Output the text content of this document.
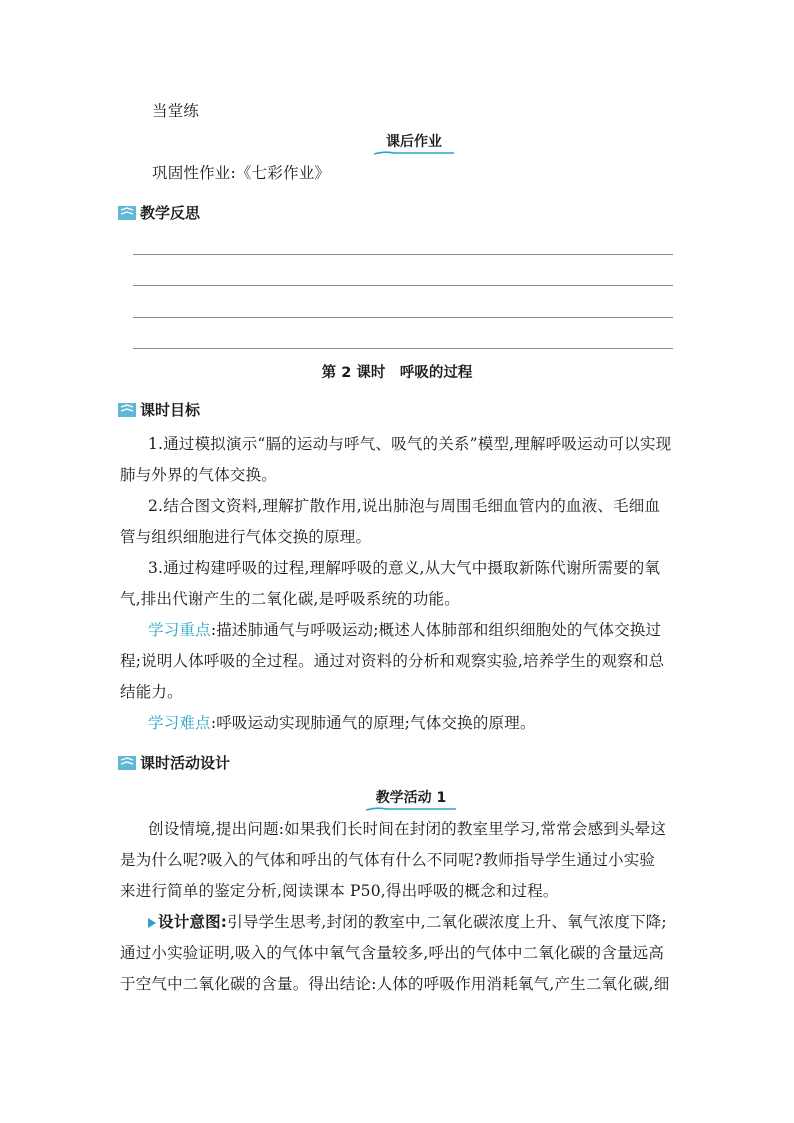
当堂练
课后作业
巩固性作业:《七彩作业》
教学反思
第 2 课时　呼吸的过程
课时目标
1.通过模拟演示“膈的运动与呼气、吸气的关系”模型,理解呼吸运动可以实现
肺与外界的气体交换。
2.结合图文资料,理解扩散作用,说出肺泡与周围毛细血管内的血液、毛细血
管与组织细胞进行气体交换的原理。
3.通过构建呼吸的过程,理解呼吸的意义,从大气中摄取新陈代谢所需要的氧
气,排出代谢产生的二氧化碳,是呼吸系统的功能。
学习重点:描述肺通气与呼吸运动;概述人体肺部和组织细胞处的气体交换过
程;说明人体呼吸的全过程。通过对资料的分析和观察实验,培养学生的观察和总
结能力。
学习难点:呼吸运动实现肺通气的原理;气体交换的原理。
课时活动设计
教学活动 1
创设情境,提出问题:如果我们长时间在封闭的教室里学习,常常会感到头晕这
是为什么呢?吸入的气体和呼出的气体有什么不同呢?教师指导学生通过小实验
来进行简单的鉴定分析,阅读课本 P50,得出呼吸的概念和过程。
设计意图:引导学生思考,封闭的教室中,二氧化碳浓度上升、氧气浓度下降;
通过小实验证明,吸入的气体中氧气含量较多,呼出的气体中二氧化碳的含量远高
于空气中二氧化碳的含量。得出结论:人体的呼吸作用消耗氧气,产生二氧化碳,细
